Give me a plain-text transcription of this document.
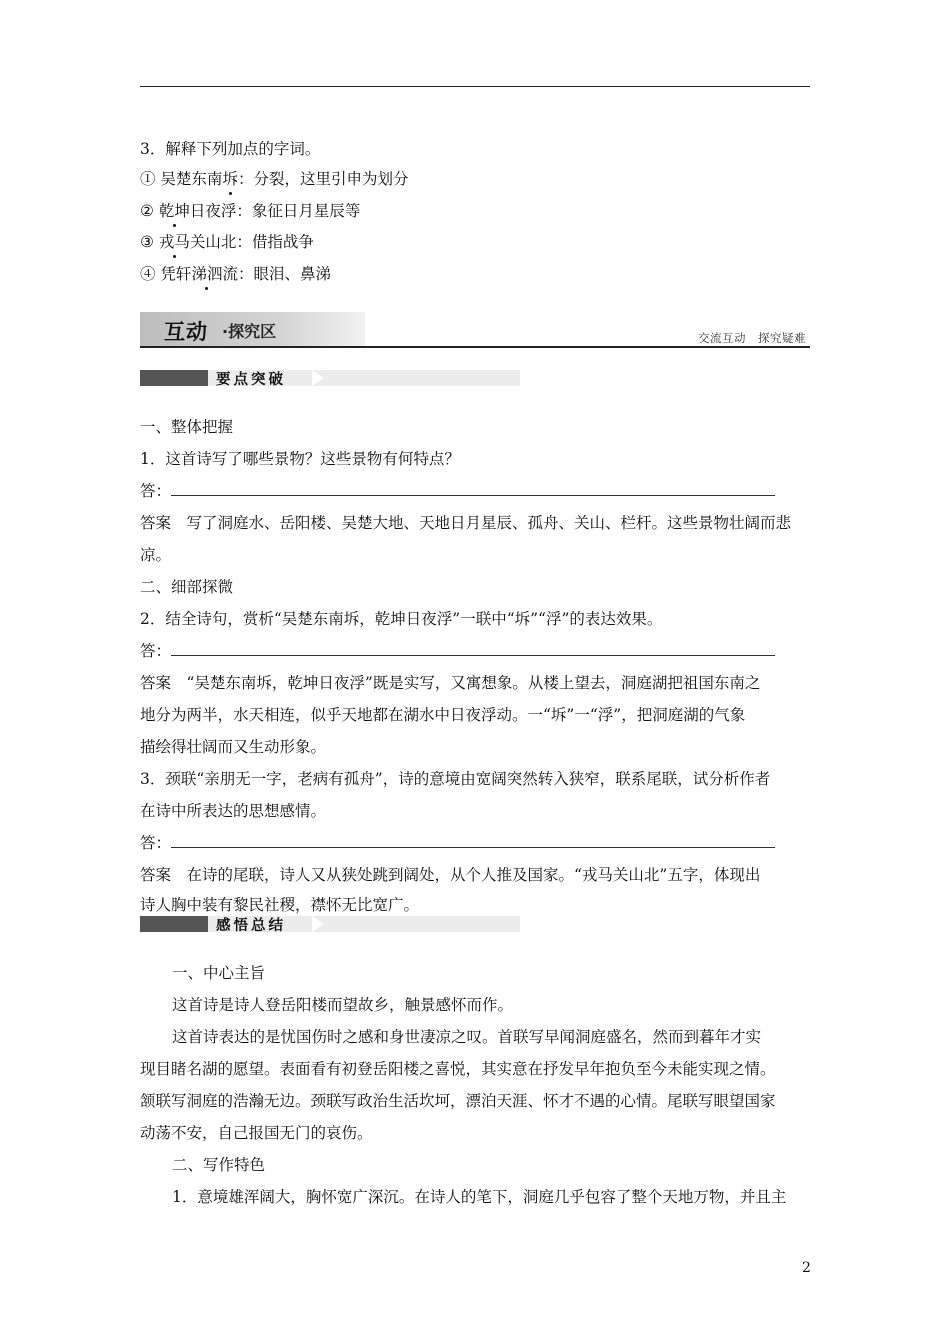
3．解释下列加点的字词。
① 吴楚东南坼：分裂，这里引申为划分
② 乾坤日夜浮：象征日月星辰等
③ 戎马关山北：借指战争
④ 凭轩涕泗流：眼泪、鼻涕
互动 ·探究区	交流互动　探究疑难
要点突破
一、整体把握
1．这首诗写了哪些景物？这些景物有何特点？
答：
答案　写了洞庭水、岳阳楼、吴楚大地、天地日月星辰、孤舟、关山、栏杆。这些景物壮阔而悲
凉。
二、细部探微
2．结全诗句，赏析“吴楚东南坼，乾坤日夜浮”一联中“坼”“浮”的表达效果。
答：
答案　“吴楚东南坼，乾坤日夜浮”既是实写，又寓想象。从楼上望去，洞庭湖把祖国东南之
地分为两半，水天相连，似乎天地都在湖水中日夜浮动。一“坼”一“浮”，把洞庭湖的气象
描绘得壮阔而又生动形象。
3．颈联“亲朋无一字，老病有孤舟”，诗的意境由宽阔突然转入狭窄，联系尾联，试分析作者
在诗中所表达的思想感情。
答：
答案　在诗的尾联，诗人又从狭处跳到阔处，从个人推及国家。“戎马关山北”五字，体现出
诗人胸中装有黎民社稷，襟怀无比宽广。
感悟总结
一、中心主旨
这首诗是诗人登岳阳楼而望故乡，触景感怀而作。
这首诗表达的是忧国伤时之感和身世凄凉之叹。首联写早闻洞庭盛名，然而到暮年才实
现目睹名湖的愿望。表面看有初登岳阳楼之喜悦，其实意在抒发早年抱负至今未能实现之情。
颔联写洞庭的浩瀚无边。颈联写政治生活坎坷，漂泊天涯、怀才不遇的心情。尾联写眼望国家
动荡不安，自己报国无门的哀伤。
二、写作特色
1．意境雄浑阔大，胸怀宽广深沉。在诗人的笔下，洞庭几乎包容了整个天地万物，并且主
2
